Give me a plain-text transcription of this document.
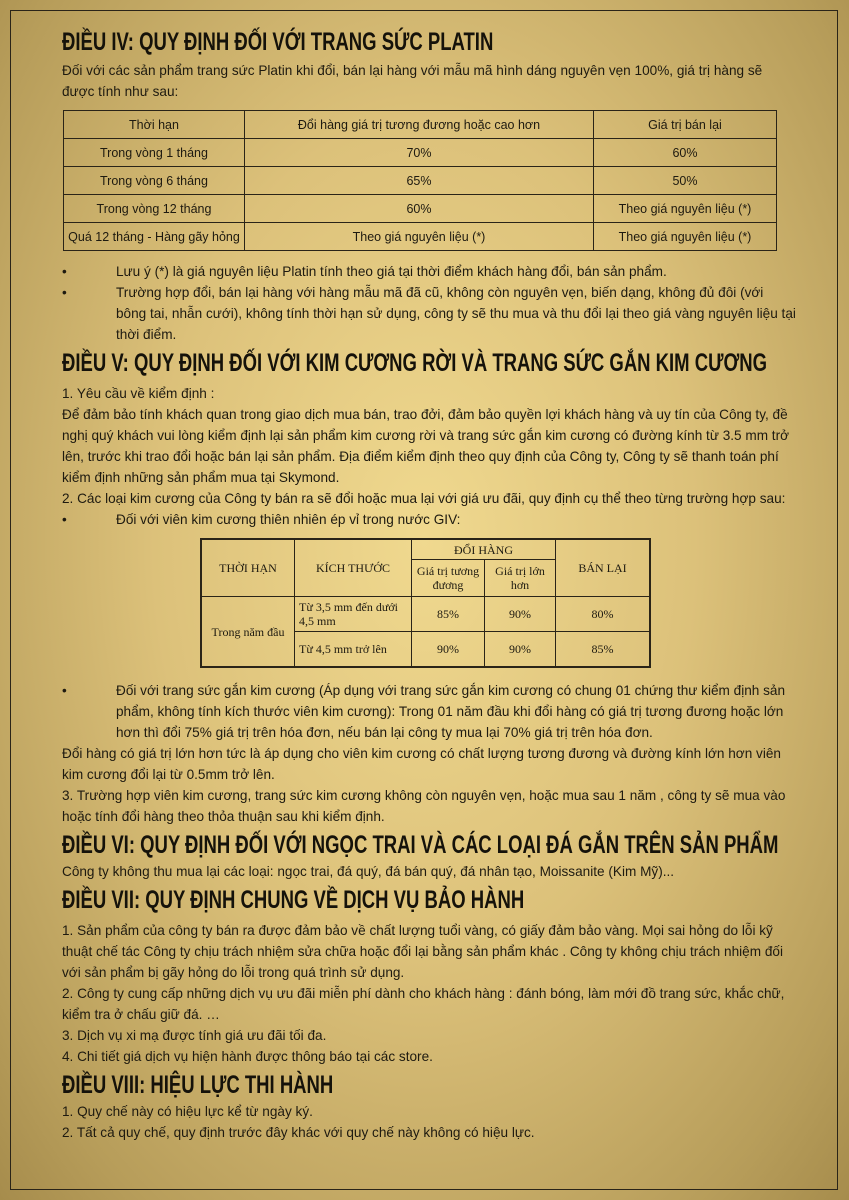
ĐIỀU IV: QUY ĐỊNH ĐỐI VỚI TRANG SỨC PLATIN

Đối với các sản phẩm trang sức Platin khi đổi, bán lại hàng với mẫu mã hình dáng nguyên vẹn 100%, giá trị hàng sẽ được tính như sau:

Thời hạn	Đổi hàng giá trị tương đương hoặc cao hơn	Giá trị bán lại
Trong vòng 1 tháng	70%	60%
Trong vòng 6 tháng	65%	50%
Trong vòng 12 tháng	60%	Theo giá nguyên liệu (*)
Quá 12 tháng - Hàng gãy hỏng	Theo giá nguyên liệu (*)	Theo giá nguyên liệu (*)
•	Lưu ý (*) là giá nguyên liệu Platin tính theo giá tại thời điểm khách hàng đổi, bán sản phẩm.
•	Trường hợp đổi, bán lại hàng với hàng mẫu mã đã cũ, không còn nguyên vẹn, biến dạng, không đủ đôi (với bông tai, nhẫn cưới), không tính thời hạn sử dụng, công ty sẽ thu mua và thu đổi lại theo giá vàng nguyên liệu tại thời điểm.
ĐIỀU V: QUY ĐỊNH ĐỐI VỚI KIM CƯƠNG RỜI VÀ TRANG SỨC GẮN KIM CƯƠNG

1. Yêu cầu về kiểm định :

Để đảm bảo tính khách quan trong giao dịch mua bán, trao đởi, đảm bảo quyền lợi khách hàng và uy tín của Công ty, đề nghị quý khách vui lòng kiểm định lại sản phẩm kim cương rời và trang sức gắn kim cương có đường kính từ 3.5 mm trở lên, trước khi trao đổi hoặc bán lại sản phẩm. Địa điểm kiểm định theo quy định của Công ty, Công ty sẽ thanh toán phí kiểm định những sản phẩm mua tại Skymond.

2. Các loại kim cương của Công ty bán ra sẽ đổi hoặc mua lại với giá ưu đãi, quy định cụ thể theo từng trường hợp sau:

•	Đối với viên kim cương thiên nhiên ép vỉ trong nước GIV:
THỜI HẠN	KÍCH THƯỚC	ĐỔI HÀNG		BÁN LẠI
		Giá trị tương đương	Giá trị lớn hơn	
Trong năm đầu	Từ 3,5 mm đến dưới 4,5 mm	85%	90%	80%
	Từ 4,5 mm trở lên	90%	90%	85%
•	Đối với trang sức gắn kim cương (Áp dụng với trang sức gắn kim cương có chung 01 chứng thư kiểm định sản phẩm, không tính kích thước viên kim cương): Trong 01 năm đầu khi đổi hàng có giá trị tương đương hoặc lớn hơn thì đổi 75% giá trị trên hóa đơn, nếu bán lại công ty mua lại 70% giá trị trên hóa đơn.

Đổi hàng có giá trị lớn hơn tức là áp dụng cho viên kim cương có chất lượng tương đương và đường kính lớn hơn viên kim cương đổi lại từ 0.5mm trở lên.

3. Trường hợp viên kim cương, trang sức kim cương không còn nguyên vẹn, hoặc mua sau 1 năm , công ty sẽ mua vào hoặc tính đổi hàng theo thỏa thuận sau khi kiểm định.

ĐIỀU VI: QUY ĐỊNH ĐỐI VỚI NGỌC TRAI VÀ CÁC LOẠI ĐÁ GẮN TRÊN SẢN PHẨM

Công ty không thu mua lại các loại: ngọc trai, đá quý, đá bán quý, đá nhân tạo, Moissanite (Kim Mỹ)...

ĐIỀU VII: QUY ĐỊNH CHUNG VỀ DỊCH VỤ BẢO HÀNH

1. Sản phẩm của công ty bán ra được đảm bảo về chất lượng tuổi vàng, có giấy đảm bảo vàng. Mọi sai hỏng do lỗi kỹ thuật chế tác Công ty chịu trách nhiệm sửa chữa hoặc đổi lại bằng sản phẩm khác . Công ty không chịu trách nhiệm đối với sản phẩm bị gãy hỏng do lỗi trong quá trình sử dụng.

2. Công ty cung cấp những dịch vụ ưu đãi miễn phí dành cho khách hàng : đánh bóng, làm mới đồ trang sức, khắc chữ, kiểm tra ở chấu giữ đá. …

3. Dịch vụ xi mạ được tính giá ưu đãi tối đa.

4. Chi tiết giá dịch vụ hiện hành được thông báo tại các store.

ĐIỀU VIII: HIỆU LỰC THI HÀNH

1. Quy chế này có hiệu lực kể từ ngày ký.

2. Tất cả quy chế, quy định trước đây khác với quy chế này không có hiệu lực.
